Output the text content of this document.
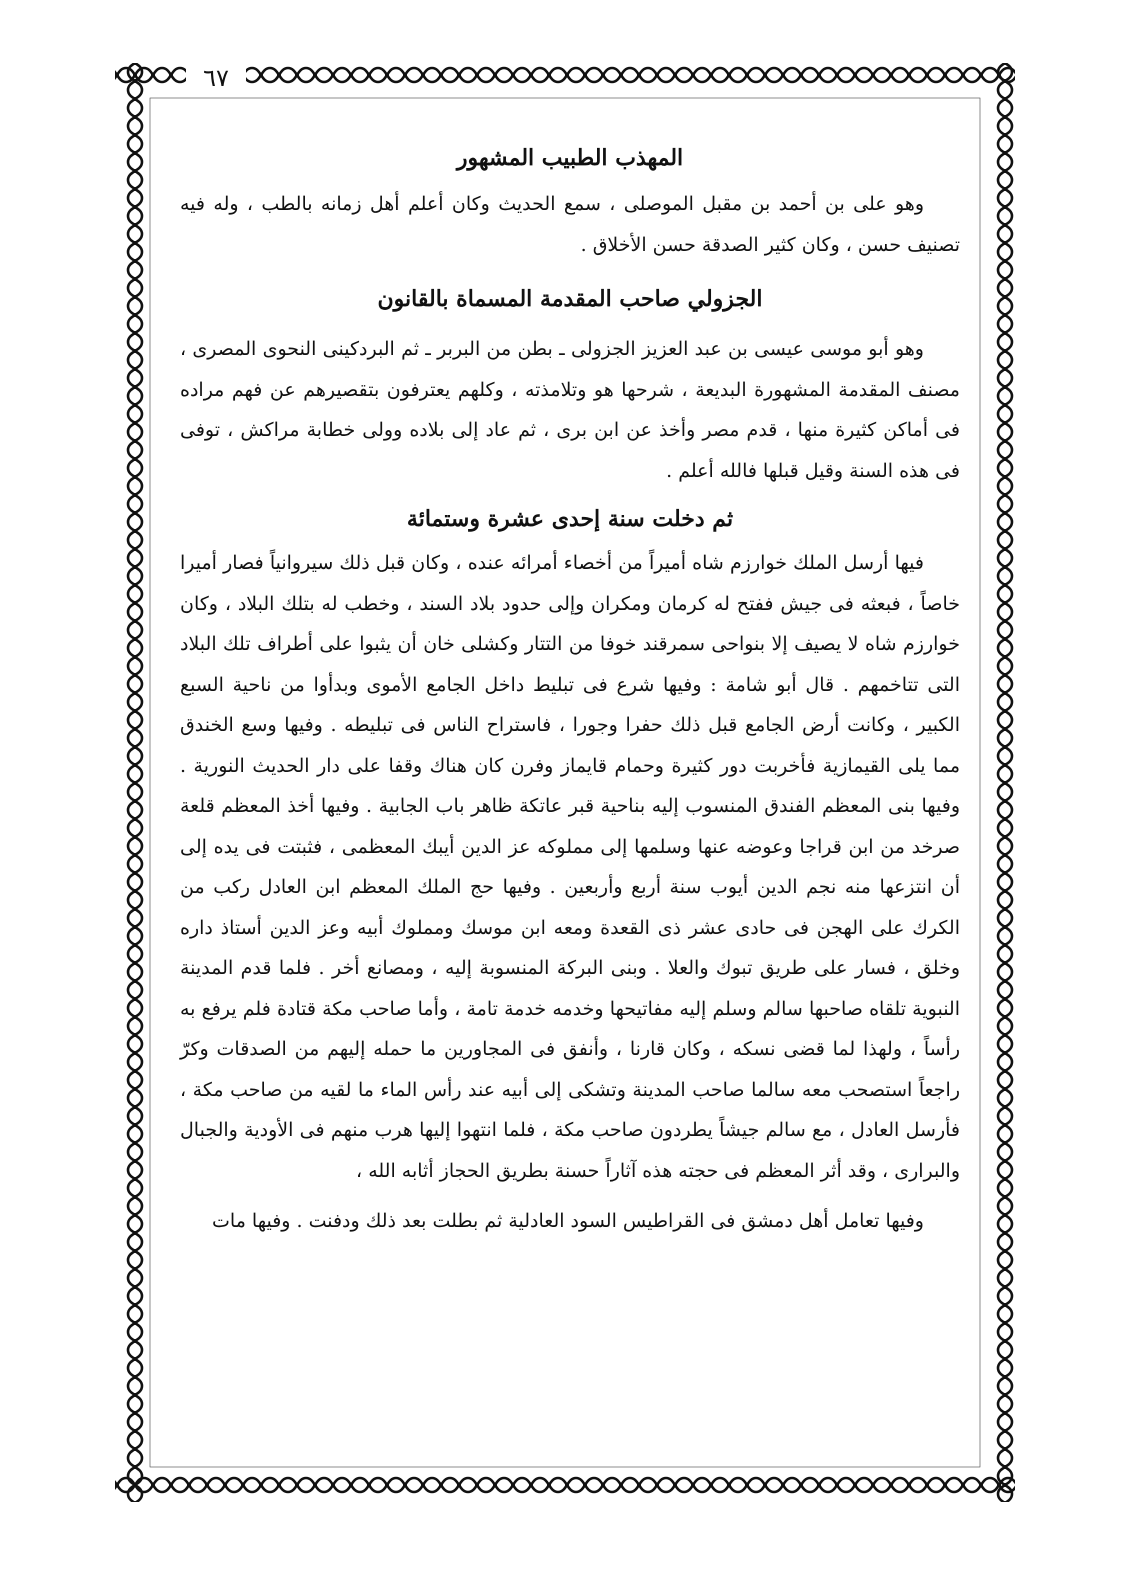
٦٧
المهذب الطبيب المشهور

وهو على بن أحمد بن مقبل الموصلى ، سمع الحديث وكان أعلم أهل زمانه بالطب ، وله فيه تصنيف حسن ، وكان كثير الصدقة حسن الأخلاق .

الجزولي صاحب المقدمة المسماة بالقانون

وهو أبو موسى عيسى بن عبد العزيز الجزولى ـ بطن من البربر ـ ثم البردكينى النحوى المصرى ، مصنف المقدمة المشهورة البديعة ، شرحها هو وتلامذته ، وكلهم يعترفون بتقصيرهم عن فهم مراده فى أماكن كثيرة منها ، قدم مصر وأخذ عن ابن برى ، ثم عاد إلى بلاده وولى خطابة مراكش ، توفى فى هذه السنة وقيل قبلها فالله أعلم .

ثم دخلت سنة إحدى عشرة وستمائة

فيها أرسل الملك خوارزم شاه أميراً من أخصاء أمرائه عنده ، وكان قبل ذلك سيروانياً فصار أميرا خاصاً ، فبعثه فى جيش ففتح له كرمان ومكران وإلى حدود بلاد السند ، وخطب له بتلك البلاد ، وكان خوارزم شاه لا يصيف إلا بنواحى سمرقند خوفا من التتار وكشلى خان أن يثبوا على أطراف تلك البلاد التى تتاخمهم . قال أبو شامة : وفيها شرع فى تبليط داخل الجامع الأموى وبدأوا من ناحية السبع الكبير ، وكانت أرض الجامع قبل ذلك حفرا وجورا ، فاستراح الناس فى تبليطه . وفيها وسع الخندق مما يلى القيمازية فأخربت دور كثيرة وحمام قايماز وفرن كان هناك وقفا على دار الحديث النورية . وفيها بنى المعظم الفندق المنسوب إليه بناحية قبر عاتكة ظاهر باب الجابية . وفيها أخذ المعظم قلعة صرخد من ابن قراجا وعوضه عنها وسلمها إلى مملوكه عز الدين أيبك المعظمى ، فثبتت فى يده إلى أن انتزعها منه نجم الدين أيوب سنة أربع وأربعين . وفيها حج الملك المعظم ابن العادل ركب من الكرك على الهجن فى حادى عشر ذى القعدة ومعه ابن موسك ومملوك أبيه وعز الدين أستاذ داره وخلق ، فسار على طريق تبوك والعلا . وبنى البركة المنسوبة إليه ، ومصانع أخر . فلما قدم المدينة النبوية تلقاه صاحبها سالم وسلم إليه مفاتيحها وخدمه خدمة تامة ، وأما صاحب مكة قتادة فلم يرفع به رأساً ، ولهذا لما قضى نسكه ، وكان قارنا ، وأنفق فى المجاورين ما حمله إليهم من الصدقات وكرّ راجعاً استصحب معه سالما صاحب المدينة وتشكى إلى أبيه عند رأس الماء ما لقيه من صاحب مكة ، فأرسل العادل ، مع سالم جيشاً يطردون صاحب مكة ، فلما انتهوا إليها هرب منهم فى الأودية والجبال والبرارى ، وقد أثر المعظم فى حجته هذه آثاراً حسنة بطريق الحجاز أثابه الله ،

وفيها تعامل أهل دمشق فى القراطيس السود العادلية ثم بطلت بعد ذلك ودفنت . وفيها مات
